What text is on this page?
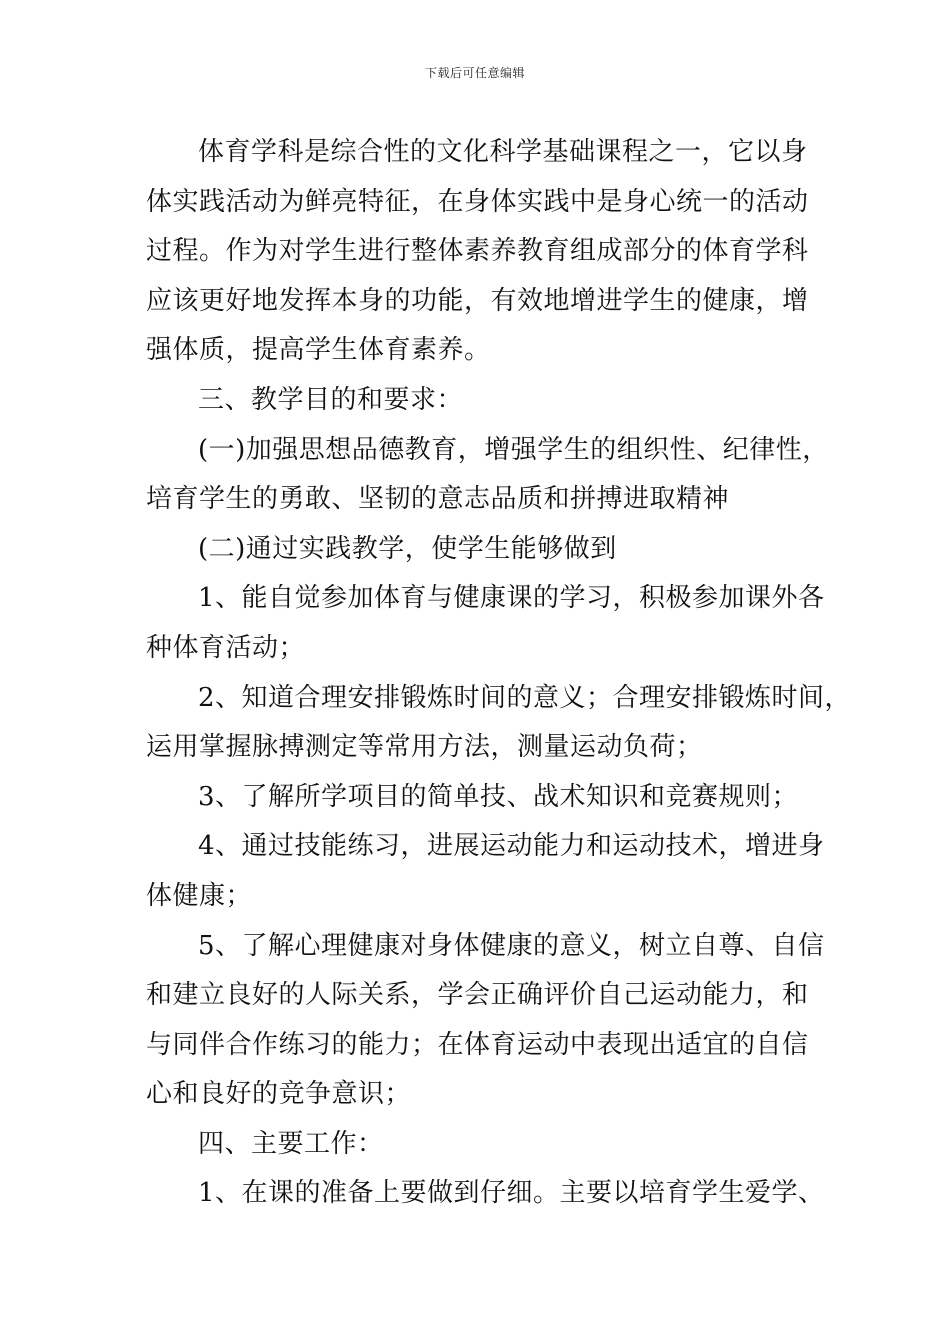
下载后可任意编辑
体育学科是综合性的文化科学基础课程之一，它以身
体实践活动为鲜亮特征，在身体实践中是身心统一的活动
过程。作为对学生进行整体素养教育组成部分的体育学科
应该更好地发挥本身的功能，有效地增进学生的健康，增
强体质，提高学生体育素养。
三、教学目的和要求：
(一)加强思想品德教育，增强学生的组织性、纪律性，
培育学生的勇敢、坚韧的意志品质和拼搏进取精神
(二)通过实践教学，使学生能够做到
1、能自觉参加体育与健康课的学习，积极参加课外各
种体育活动；
2、知道合理安排锻炼时间的意义；合理安排锻炼时间，
运用掌握脉搏测定等常用方法，测量运动负荷；
3、了解所学项目的简单技、战术知识和竞赛规则；
4、通过技能练习，进展运动能力和运动技术，增进身
体健康；
5、了解心理健康对身体健康的意义，树立自尊、自信
和建立良好的人际关系，学会正确评价自己运动能力，和
与同伴合作练习的能力；在体育运动中表现出适宜的自信
心和良好的竞争意识；
四、主要工作：
1、在课的准备上要做到仔细。主要以培育学生爱学、
